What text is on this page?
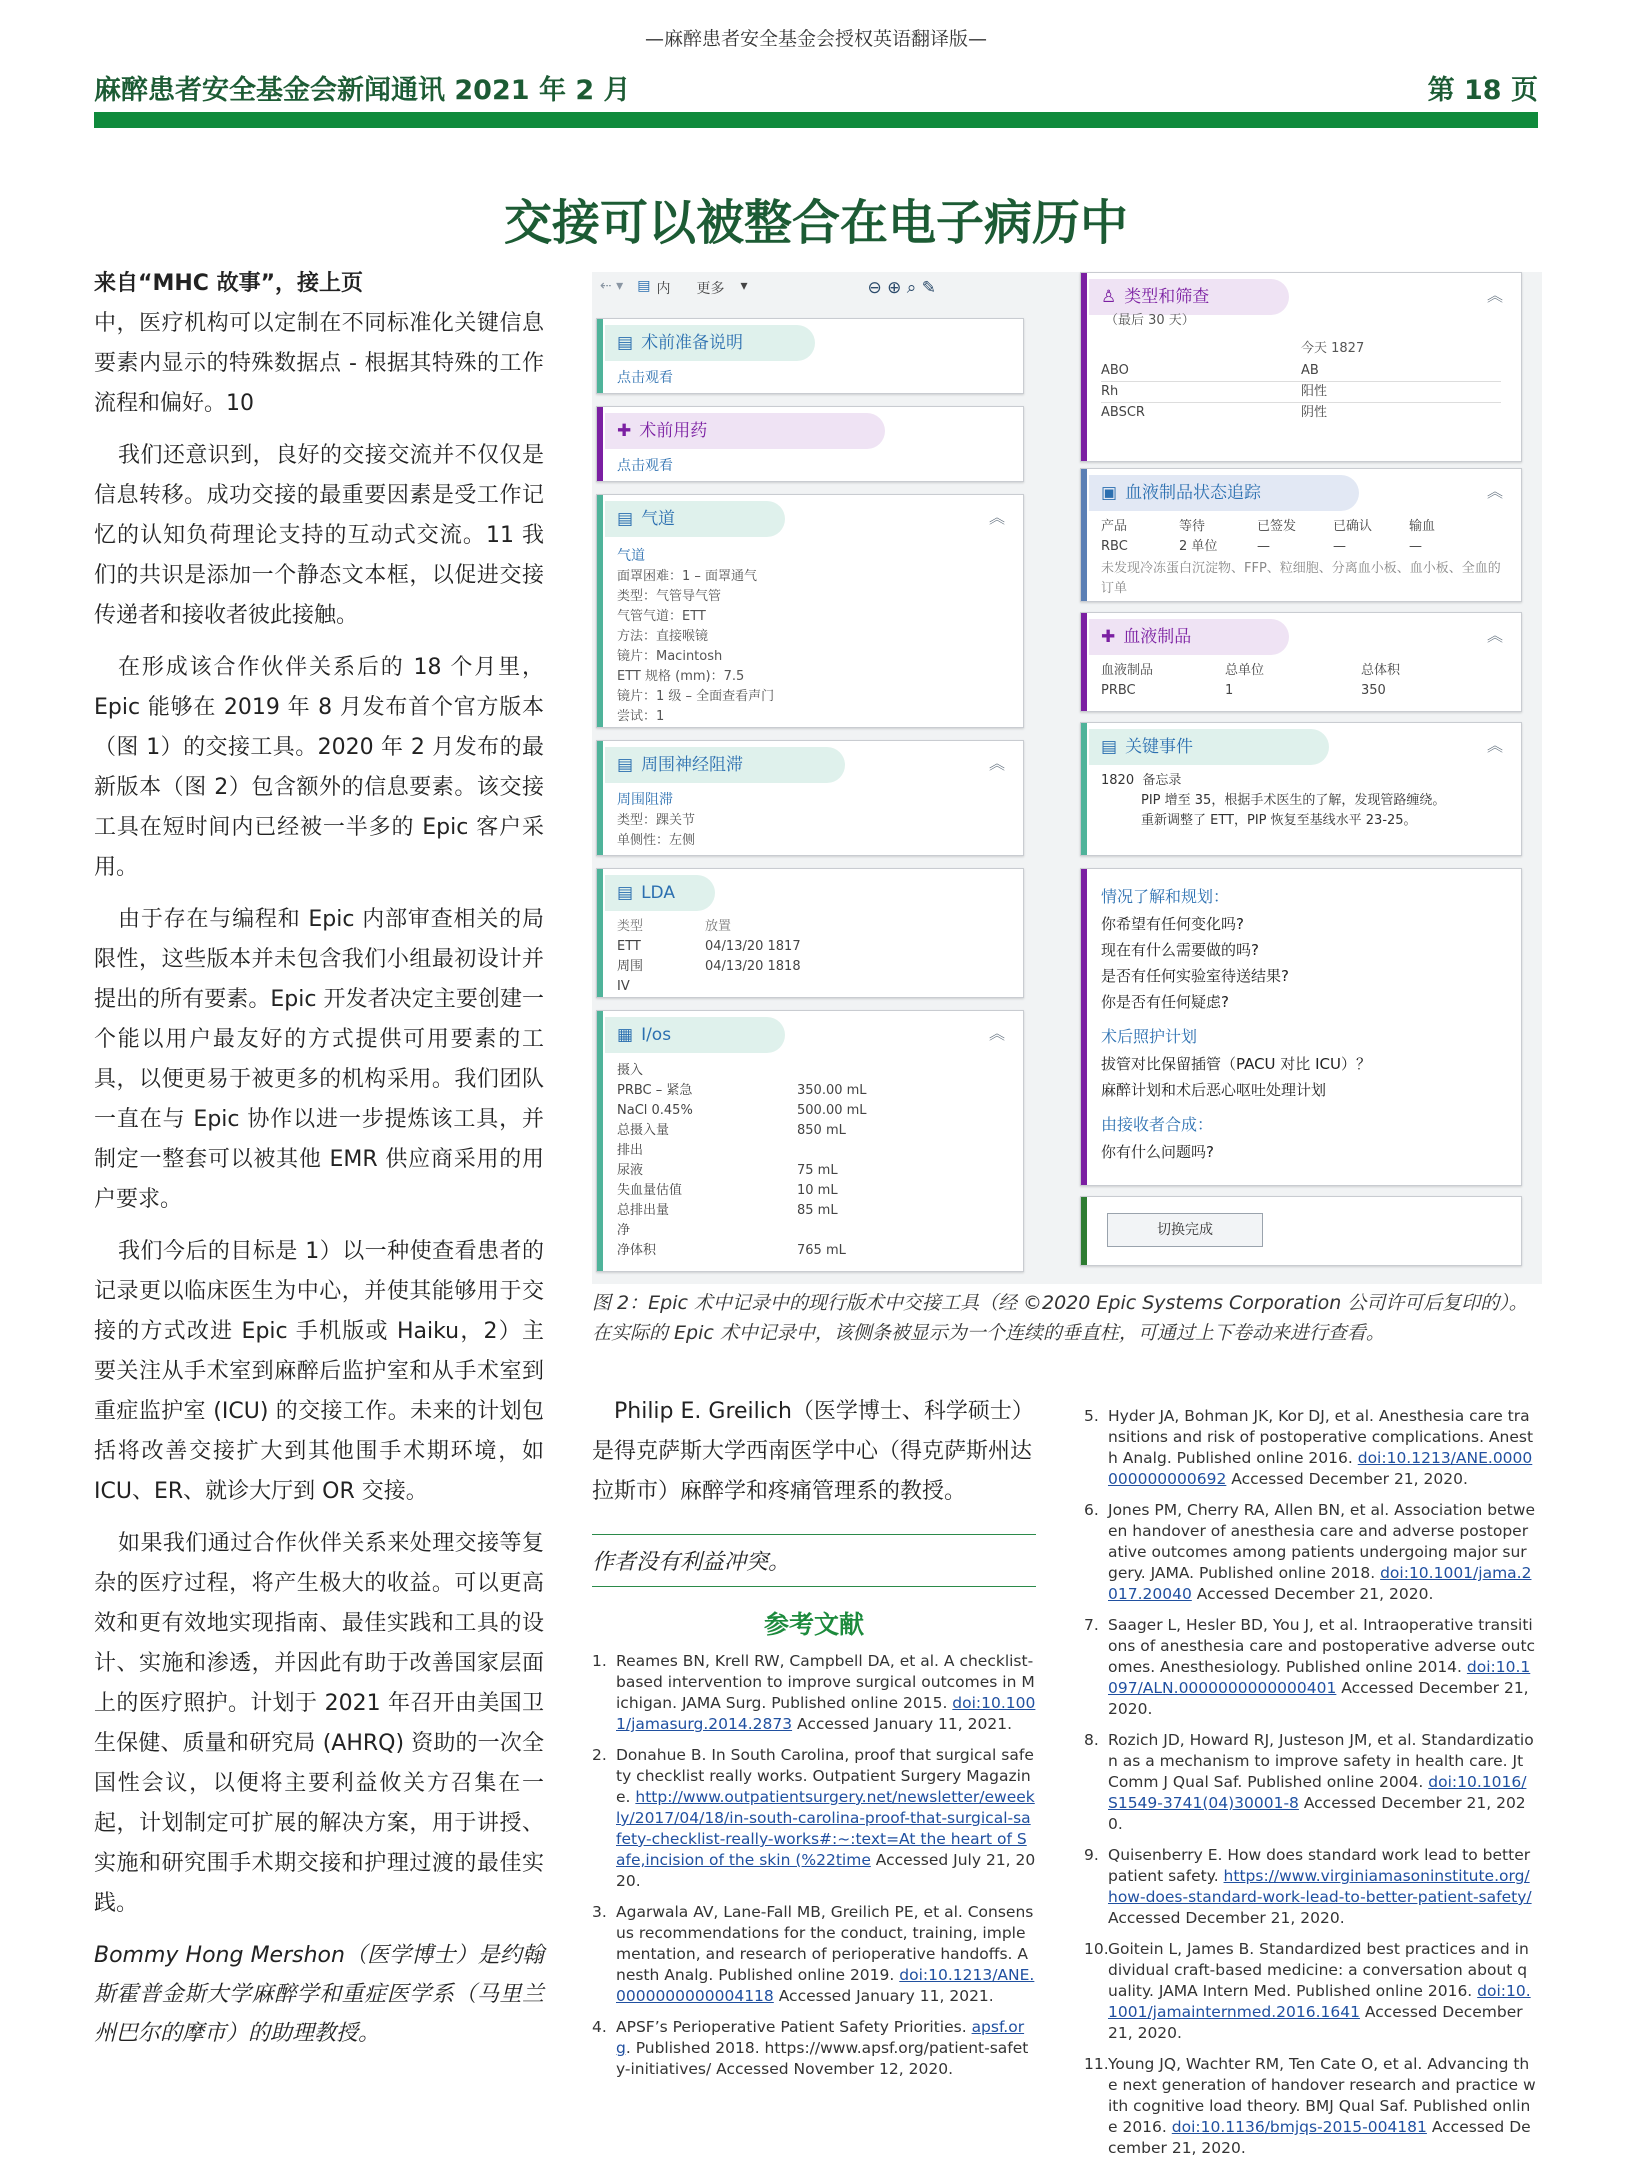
—麻醉患者安全基金会授权英语翻译版—
麻醉患者安全基金会新闻通讯 2021 年 2 月	第 18 页
交接可以被整合在电子病历中

来自“MHC 故事”，接上页

中，医疗机构可以定制在不同标准化关键信息要素内显示的特殊数据点 - 根据其特殊的工作流程和偏好。10

我们还意识到，良好的交接交流并不仅仅是信息转移。成功交接的最重要因素是受工作记忆的认知负荷理论支持的互动式交流。11 我们的共识是添加一个静态文本框，以促进交接传递者和接收者彼此接触。

在形成该合作伙伴关系后的 18 个月里，Epic 能够在 2019 年 8 月发布首个官方版本（图 1）的交接工具。2020 年 2 月发布的最新版本（图 2）包含额外的信息要素。该交接工具在短时间内已经被一半多的 Epic 客户采用。

由于存在与编程和 Epic 内部审查相关的局限性，这些版本并未包含我们小组最初设计并提出的所有要素。Epic 开发者决定主要创建一个能以用户最友好的方式提供可用要素的工具，以便更易于被更多的机构采用。我们团队一直在与 Epic 协作以进一步提炼该工具，并制定一整套可以被其他 EMR 供应商采用的用户要求。

我们今后的目标是 1）以一种使查看患者的记录更以临床医生为中心，并使其能够用于交接的方式改进 Epic 手机版或 Haiku，2）主要关注从手术室到麻醉后监护室和从手术室到重症监护室 (ICU) 的交接工作。未来的计划包括将改善交接扩大到其他围手术期环境，如 ICU、ER、就诊大厅到 OR 交接。

如果我们通过合作伙伴关系来处理交接等复杂的医疗过程，将产生极大的收益。可以更高效和更有效地实现指南、最佳实践和工具的设计、实施和渗透，并因此有助于改善国家层面上的医疗照护。计划于 2021 年召开由美国卫生保健、质量和研究局 (AHRQ) 资助的一次全国性会议，以便将主要利益攸关方召集在一起，计划制定可扩展的解决方案，用于讲授、实施和研究围手术期交接和护理过渡的最佳实践。

Bommy Hong Mershon（医学博士）是约翰斯霍普金斯大学麻醉学和重症医学系（马里兰州巴尔的摩市）的助理教授。

⇠ ▾ ▤ 内 更多 ▾	⊖ ⊕ ⌕ ✎
▤ 术前准备说明
点击观看
✚ 术前用药
点击观看
▤ 气道	︽
气道
面罩困难：1 – 面罩通气
类型：气管导气管
气管气道：ETT
方法：直接喉镜
镜片：Macintosh
ETT 规格 (mm)：7.5
镜片：1 级 – 全面查看声门
尝试：1
▤ 周围神经阻滞	︽
周围阻滞
类型：踝关节
单侧性：左侧
▤ LDA
类型	放置
ETT	04/13/20 1817
周围	04/13/20 1818
IV	
▦ I/os	︽
摄入	
PRBC – 紧急	350.00 mL
NaCl 0.45%	500.00 mL
总摄入量	850 mL
排出	
尿液	75 mL
失血量估值	10 mL
总排出量	85 mL
净	
净体积	765 mL
♙ 类型和筛查	︽
（最后 30 天）
今天 1827
ABO	AB
Rh	阳性
ABSCR	阴性
▣ 血液制品状态追踪	︽
产品	等待	已签发	已确认	输血
RBC	2 单位	—	—	—
未发现冷冻蛋白沉淀物、FFP、粒细胞、分离血小板、血小板、全血的订单
✚ 血液制品	︽
血液制品	总单位	总体积
PRBC	1	350
▤ 关键事件	︽
1820 备忘录
PIP 增至 35，根据手术医生的了解，发现管路缠绕。
重新调整了 ETT，PIP 恢复至基线水平 23-25。
情况了解和规划：
你希望有任何变化吗?
现在有什么需要做的吗?
是否有任何实验室待送结果?
你是否有任何疑虑?
术后照护计划
拔管对比保留插管（PACU 对比 ICU）？
麻醉计划和术后恶心呕吐处理计划
由接收者合成：
你有什么问题吗?
切换完成
图 2：Epic 术中记录中的现行版术中交接工具（经 ©2020 Epic Systems Corporation 公司许可后复印的）。在实际的 Epic 术中记录中，该侧条被显示为一个连续的垂直柱，可通过上下卷动来进行查看。
Philip E. Greilich（医学博士、科学硕士）是得克萨斯大学西南医学中心（得克萨斯州达拉斯市）麻醉学和疼痛管理系的教授。
作者没有利益冲突。
参考文献
1. Reames BN, Krell RW, Campbell DA, et al. A checklist-based intervention to improve surgical outcomes in Michigan. JAMA Surg. Published online 2015. doi:10.1001/jamasurg.2014.2873 Accessed January 11, 2021.
2. Donahue B. In South Carolina, proof that surgical safety checklist really works. Outpatient Surgery Magazine. http://www.outpatientsurgery.net/newsletter/eweekly/2017/04/18/in-south-carolina-proof-that-surgical-safety-checklist-really-works#:~:text=At the heart of Safe,incision of the skin (%22time Accessed July 21, 2020.
3. Agarwala AV, Lane-Fall MB, Greilich PE, et al. Consensus recommendations for the conduct, training, implementation, and research of perioperative handoffs. Anesth Analg. Published online 2019. doi:10.1213/ANE.0000000000004118 Accessed January 11, 2021.
4. APSF’s Perioperative Patient Safety Priorities. apsf.org. Published 2018. https://www.apsf.org/patient-safety-initiatives/ Accessed November 12, 2020.
5. Hyder JA, Bohman JK, Kor DJ, et al. Anesthesia care transitions and risk of postoperative complications. Anesth Analg. Published online 2016. doi:10.1213/ANE.0000000000000692 Accessed December 21, 2020.
6. Jones PM, Cherry RA, Allen BN, et al. Association between handover of anesthesia care and adverse postoperative outcomes among patients undergoing major surgery. JAMA. Published online 2018. doi:10.1001/jama.2017.20040 Accessed December 21, 2020.
7. Saager L, Hesler BD, You J, et al. Intraoperative transitions of anesthesia care and postoperative adverse outcomes. Anesthesiology. Published online 2014. doi:10.1097/ALN.0000000000000401 Accessed December 21, 2020.
8. Rozich JD, Howard RJ, Justeson JM, et al. Standardization as a mechanism to improve safety in health care. Jt Comm J Qual Saf. Published online 2004. doi:10.1016/S1549-3741(04)30001-8 Accessed December 21, 2020.
9. Quisenberry E. How does standard work lead to better patient safety. https://www.virginiamasoninstitute.org/how-does-standard-work-lead-to-better-patient-safety/ Accessed December 21, 2020.
10. Goitein L, James B. Standardized best practices and individual craft-based medicine: a conversation about quality. JAMA Intern Med. Published online 2016. doi:10.1001/jamainternmed.2016.1641 Accessed December 21, 2020.
11. Young JQ, Wachter RM, Ten Cate O, et al. Advancing the next generation of handover research and practice with cognitive load theory. BMJ Qual Saf. Published online 2016. doi:10.1136/bmjqs-2015-004181 Accessed December 21, 2020.
